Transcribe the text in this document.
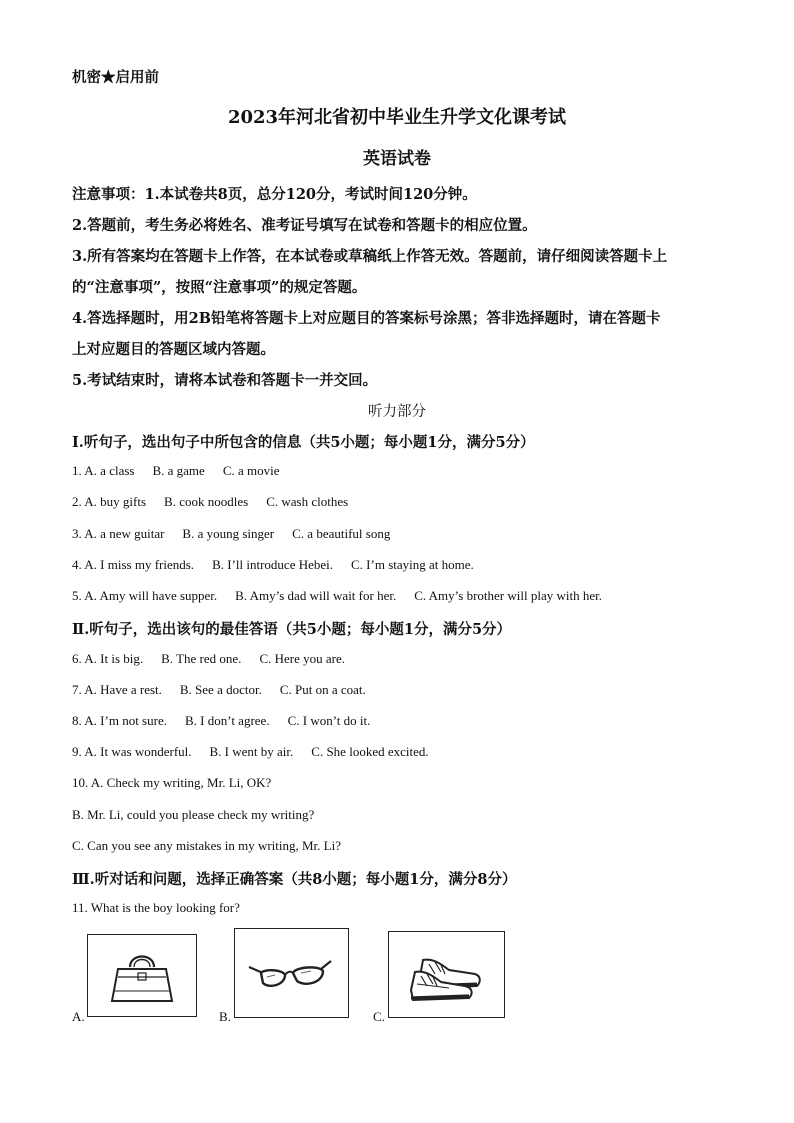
机密★启用前
2023年河北省初中毕业生升学文化课考试
英语试卷
注意事项：1.本试卷共8页，总分120分，考试时间120分钟。
2.答题前，考生务必将姓名、准考证号填写在试卷和答题卡的相应位置。
3.所有答案均在答题卡上作答，在本试卷或草稿纸上作答无效。答题前，请仔细阅读答题卡上
的“注意事项”，按照“注意事项”的规定答题。
4.答选择题时，用2B铅笔将答题卡上对应题目的答案标号涂黑；答非选择题时，请在答题卡
上对应题目的答题区域内答题。
5.考试结束时，请将本试卷和答题卡一并交回。
听力部分
Ⅰ.听句子，选出句子中所包含的信息（共5小题；每小题1分，满分5分）
1. A. a class B. a game C. a movie
2. A. buy gifts B. cook noodles C. wash clothes
3. A. a new guitar B. a young singer C. a beautiful song
4. A. I miss my friends. B. I’ll introduce Hebei. C. I’m staying at home.
5. A. Amy will have supper. B. Amy’s dad will wait for her. C. Amy’s brother will play with her.
Ⅱ.听句子，选出该句的最佳答语（共5小题；每小题1分，满分5分）
6. A. It is big. B. The red one. C. Here you are.
7. A. Have a rest. B. See a doctor. C. Put on a coat.
8. A. I’m not sure. B. I don’t agree. C. I won’t do it.
9. A. It was wonderful. B. I went by air. C. She looked excited.
10. A. Check my writing, Mr. Li, OK?
B. Mr. Li, could you please check my writing?
C. Can you see any mistakes in my writing, Mr. Li?
Ⅲ.听对话和问题，选择正确答案（共8小题；每小题1分，满分8分）
11. What is the boy looking for?
A.	B.	C.
